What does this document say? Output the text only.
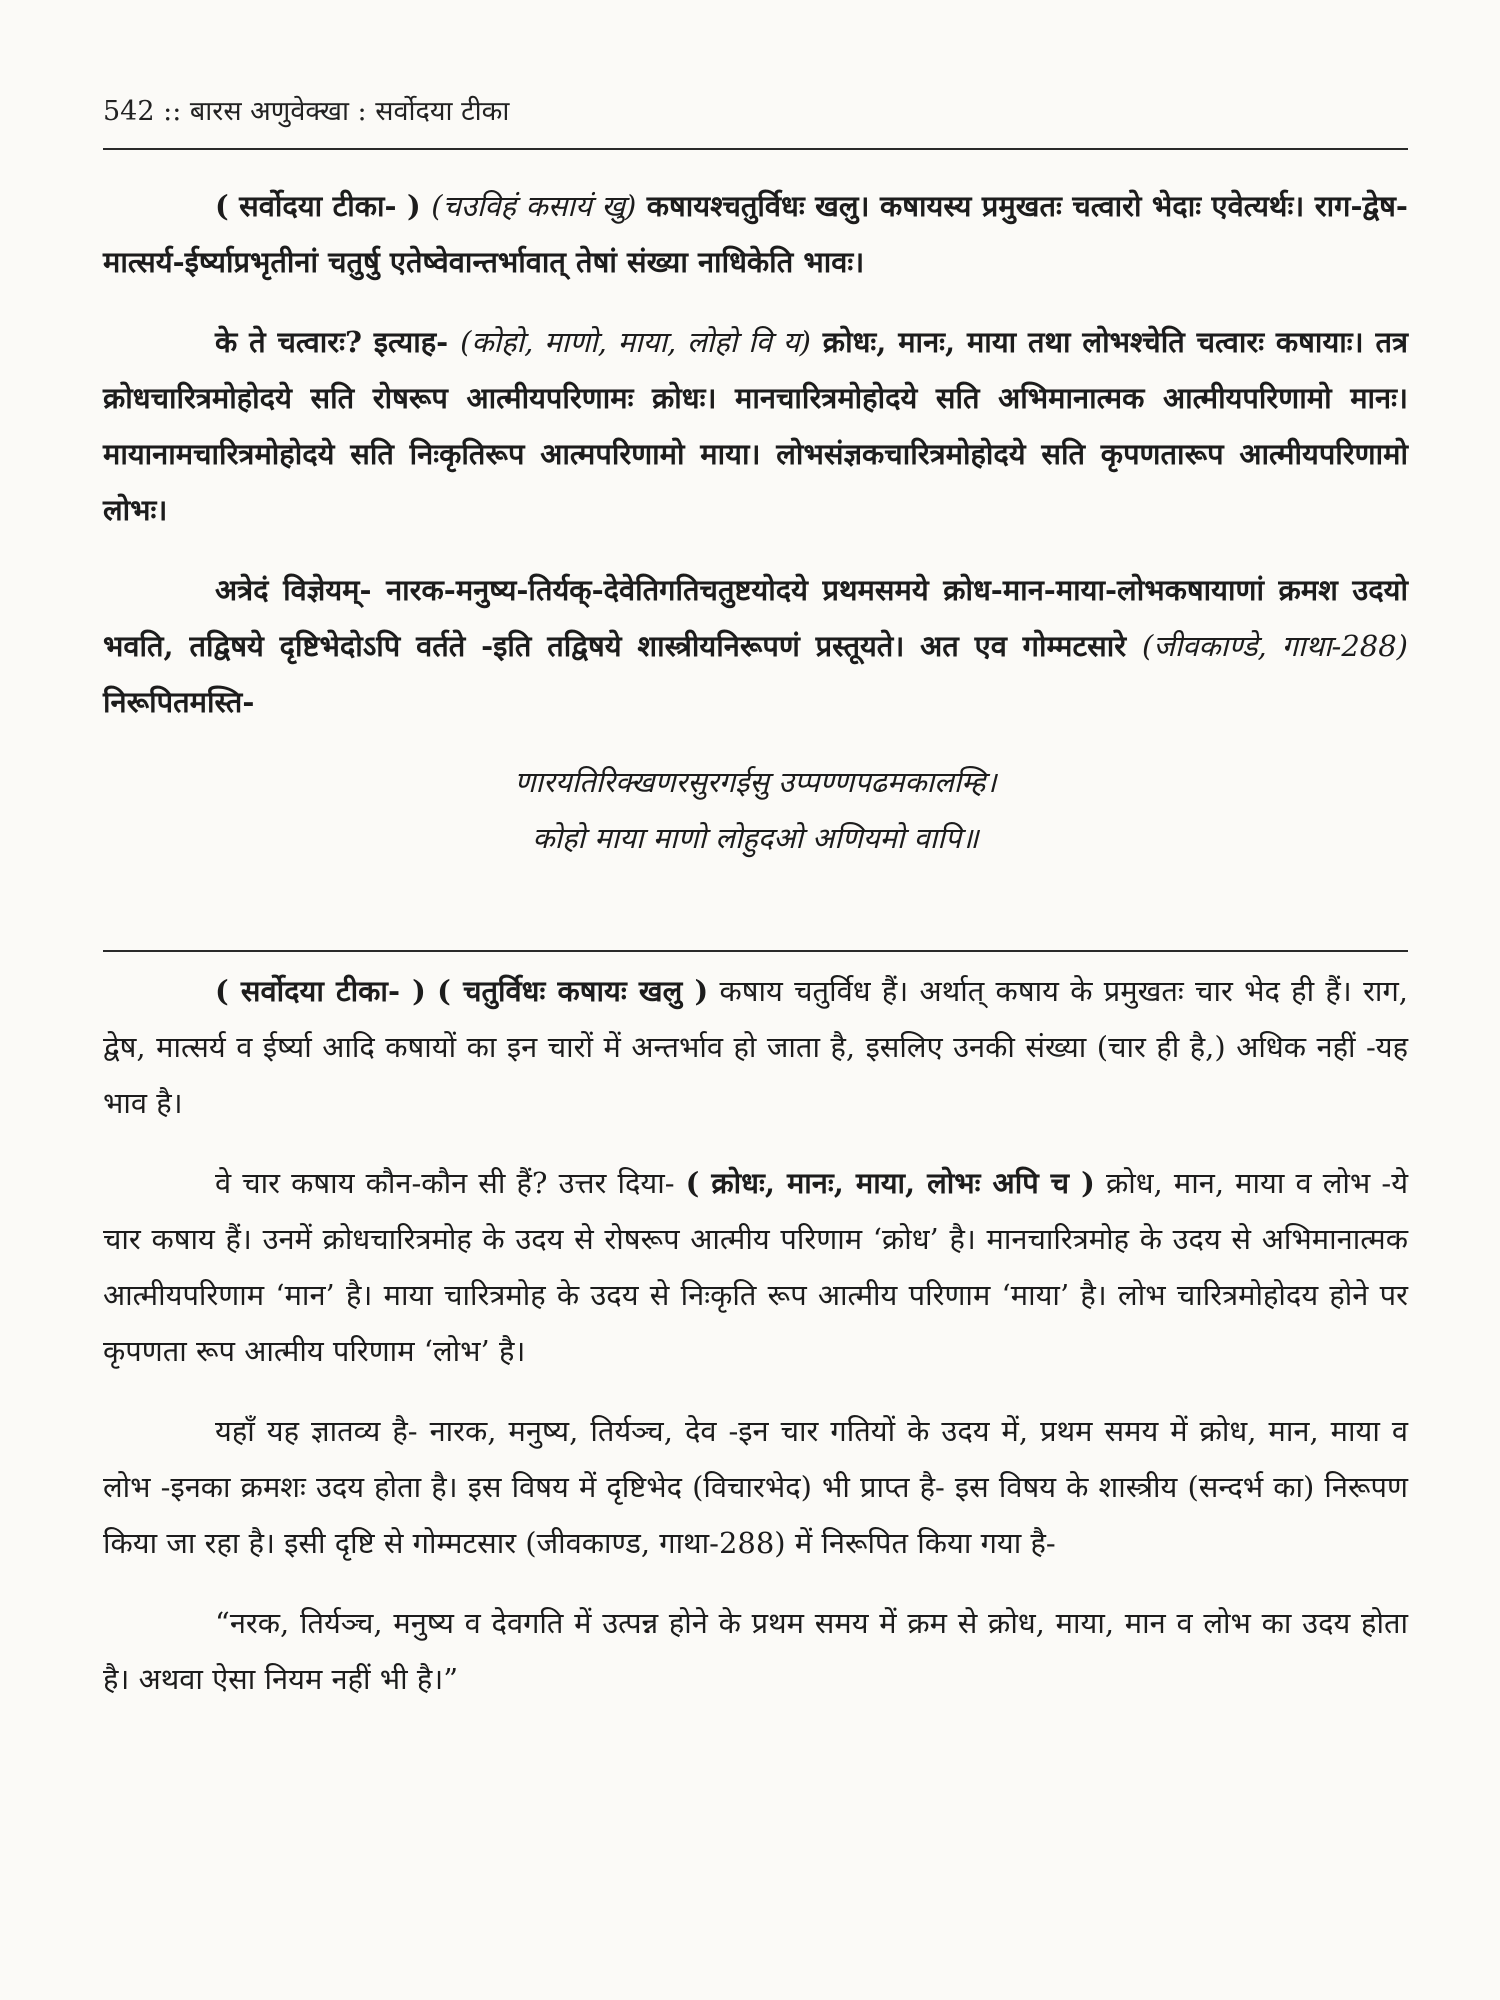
542 :: बारस अणुवेक्खा : सर्वोदया टीका

( सर्वोदया टीका- ) (चउविहं कसायं खु) कषायश्चतुर्विधः खलु। कषायस्य प्रमुखतः चत्वारो भेदाः एवेत्यर्थः। राग-द्वेष-मात्सर्य-ईर्ष्याप्रभृतीनां चतुर्षु एतेष्वेवान्तर्भावात् तेषां संख्या नाधिकेति भावः।

के ते चत्वारः? इत्याह- (कोहो, माणो, माया, लोहो वि य) क्रोधः, मानः, माया तथा लोभश्चेति चत्वारः कषायाः। तत्र क्रोधचारित्रमोहोदये सति रोषरूप आत्मीयपरिणामः क्रोधः। मानचारित्रमोहोदये सति अभिमानात्मक आत्मीयपरिणामो मानः। मायानामचारित्रमोहोदये सति निःकृतिरूप आत्मपरिणामो माया। लोभसंज्ञकचारित्रमोहोदये सति कृपणतारूप आत्मीयपरिणामो लोभः।

अत्रेदं विज्ञेयम्- नारक-मनुष्य-तिर्यक्-देवेतिगतिचतुष्टयोदये प्रथमसमये क्रोध-मान-माया-लोभकषायाणां क्रमश उदयो भवति, तद्विषये दृष्टिभेदोऽपि वर्तते -इति तद्विषये शास्त्रीयनिरूपणं प्रस्तूयते। अत एव गोम्मटसारे (जीवकाण्डे, गाथा-288) निरूपितमस्ति-

णारयतिरिक्खणरसुरगईसु उप्पण्णपढमकालम्हि।
कोहो माया माणो लोहुदओ अणियमो वापि॥

( सर्वोदया टीका- ) ( चतुर्विधः कषायः खलु ) कषाय चतुर्विध हैं। अर्थात् कषाय के प्रमुखतः चार भेद ही हैं। राग, द्वेष, मात्सर्य व ईर्ष्या आदि कषायों का इन चारों में अन्तर्भाव हो जाता है, इसलिए उनकी संख्या (चार ही है,) अधिक नहीं -यह भाव है।

वे चार कषाय कौन-कौन सी हैं? उत्तर दिया- ( क्रोधः, मानः, माया, लोभः अपि च ) क्रोध, मान, माया व लोभ -ये चार कषाय हैं। उनमें क्रोधचारित्रमोह के उदय से रोषरूप आत्मीय परिणाम ‘क्रोध’ है। मानचारित्रमोह के उदय से अभिमानात्मक आत्मीयपरिणाम ‘मान’ है। माया चारित्रमोह के उदय से निःकृति रूप आत्मीय परिणाम ‘माया’ है। लोभ चारित्रमोहोदय होने पर कृपणता रूप आत्मीय परिणाम ‘लोभ’ है।

यहाँ यह ज्ञातव्य है- नारक, मनुष्य, तिर्यञ्च, देव -इन चार गतियों के उदय में, प्रथम समय में क्रोध, मान, माया व लोभ -इनका क्रमशः उदय होता है। इस विषय में दृष्टिभेद (विचारभेद) भी प्राप्त है- इस विषय के शास्त्रीय (सन्दर्भ का) निरूपण किया जा रहा है। इसी दृष्टि से गोम्मटसार (जीवकाण्ड, गाथा-288) में निरूपित किया गया है-

“नरक, तिर्यञ्च, मनुष्य व देवगति में उत्पन्न होने के प्रथम समय में क्रम से क्रोध, माया, मान व लोभ का उदय होता है। अथवा ऐसा नियम नहीं भी है।”
